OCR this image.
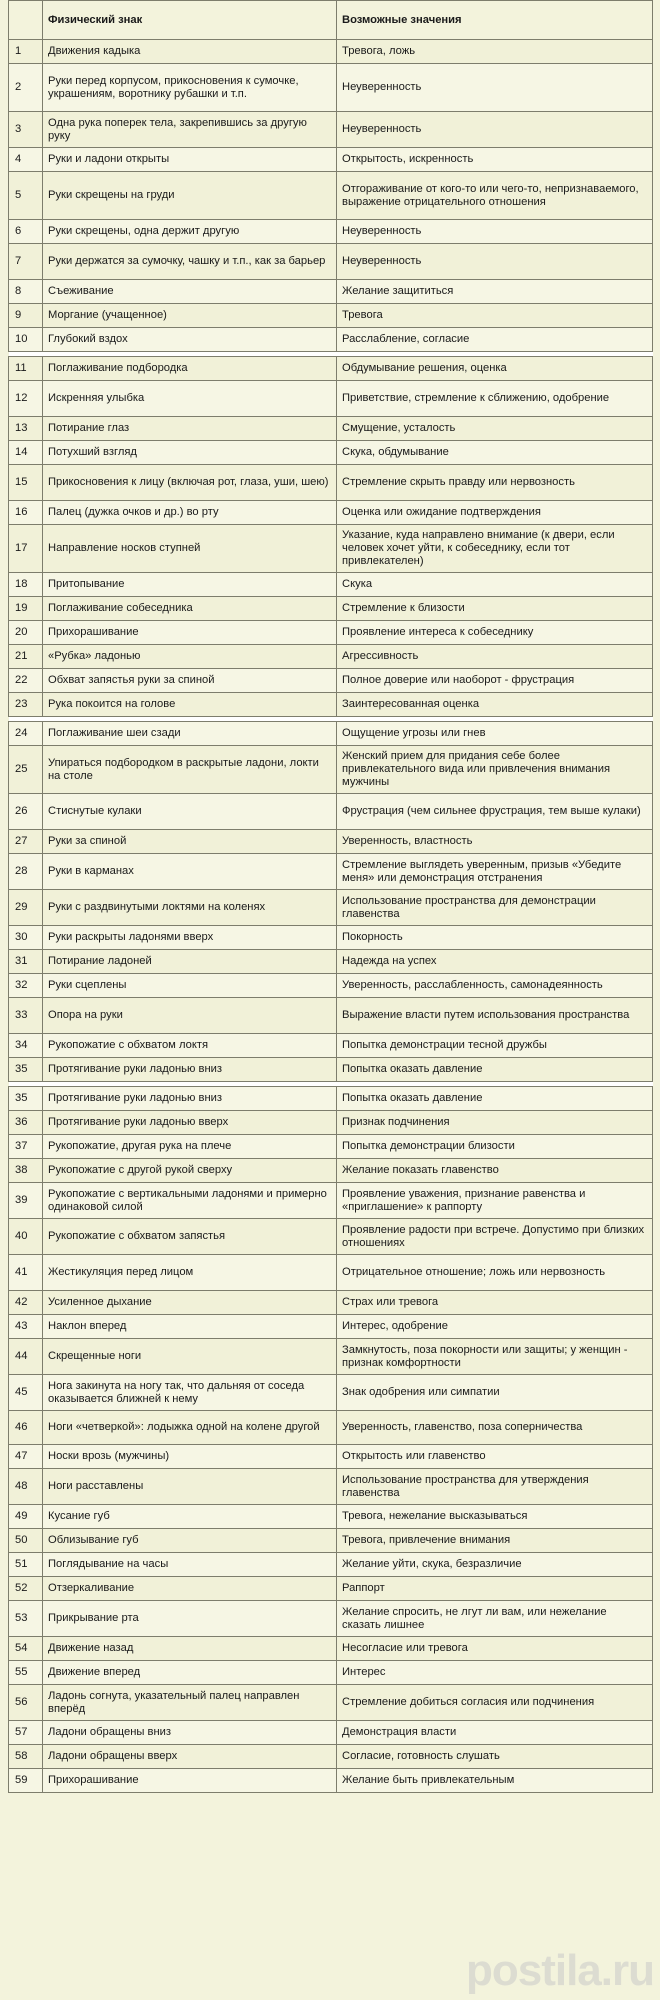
	Физический знак	Возможные значения
1	Движения кадыка	Тревога, ложь
2	Руки перед корпусом, прикосновения к сумочке, украшениям, воротнику рубашки и т.п.	Неуверенность
3	Одна рука поперек тела, закрепившись за другую руку	Неуверенность
4	Руки и ладони открыты	Открытость, искренность
5	Руки скрещены на груди	Отгораживание от кого-то или чего-то, непризнаваемого, выражение отрицательного отношения
6	Руки скрещены, одна держит другую	Неуверенность
7	Руки держатся за сумочку, чашку и т.п., как за барьер	Неуверенность
8	Съеживание	Желание защититься
9	Моргание (учащенное)	Тревога
10	Глубокий вздох	Расслабление, согласие

11	Поглаживание подбородка	Обдумывание решения, оценка
12	Искренняя улыбка	Приветствие, стремление к сближению, одобрение
13	Потирание глаз	Смущение, усталость
14	Потухший взгляд	Скука, обдумывание
15	Прикосновения к лицу (включая рот, глаза, уши, шею)	Стремление скрыть правду или нервозность
16	Палец (дужка очков и др.) во рту	Оценка или ожидание подтверждения
17	Направление носков ступней	Указание, куда направлено внимание (к двери, если человек хочет уйти, к собеседнику, если тот привлекателен)
18	Притопывание	Скука
19	Поглаживание собеседника	Стремление к близости
20	Прихорашивание	Проявление интереса к собеседнику
21	«Рубка» ладонью	Агрессивность
22	Обхват запястья руки за спиной	Полное доверие или наоборот - фрустрация
23	Рука покоится на голове	Заинтересованная оценка

24	Поглаживание шеи сзади	Ощущение угрозы или гнев
25	Упираться подбородком в раскрытые ладони, локти на столе	Женский прием для придания себе более привлекательного вида или привлечения внимания мужчины
26	Стиснутые кулаки	Фрустрация (чем сильнее фрустрация, тем выше кулаки)
27	Руки за спиной	Уверенность, властность
28	Руки в карманах	Стремление выглядеть уверенным, призыв «Убедите меня» или демонстрация отстранения
29	Руки с раздвинутыми локтями на коленях	Использование пространства для демонстрации главенства
30	Руки раскрыты ладонями вверх	Покорность
31	Потирание ладоней	Надежда на успех
32	Руки сцеплены	Уверенность, расслабленность, самонадеянность
33	Опора на руки	Выражение власти путем использования пространства
34	Рукопожатие с обхватом локтя	Попытка демонстрации тесной дружбы
35	Протягивание руки ладонью вниз	Попытка оказать давление

35	Протягивание руки ладонью вниз	Попытка оказать давление
36	Протягивание руки ладонью вверх	Признак подчинения
37	Рукопожатие, другая рука на плече	Попытка демонстрации близости
38	Рукопожатие с другой рукой сверху	Желание показать главенство
39	Рукопожатие с вертикальными ладонями и примерно одинаковой силой	Проявление уважения, признание равенства и «приглашение» к раппорту
40	Рукопожатие с обхватом запястья	Проявление радости при встрече. Допустимо при близких отношениях
41	Жестикуляция перед лицом	Отрицательное отношение; ложь или нервозность
42	Усиленное дыхание	Страх или тревога
43	Наклон вперед	Интерес, одобрение
44	Скрещенные ноги	Замкнутость, поза покорности или защиты; у женщин - признак комфортности
45	Нога закинута на ногу так, что дальняя от соседа оказывается ближней к нему	Знак одобрения или симпатии
46	Ноги «четверкой»: лодыжка одной на колене другой	Уверенность, главенство, поза соперничества
47	Носки врозь (мужчины)	Открытость или главенство
48	Ноги расставлены	Использование пространства для утверждения главенства
49	Кусание губ	Тревога, нежелание высказываться
50	Облизывание губ	Тревога, привлечение внимания
51	Поглядывание на часы	Желание уйти, скука, безразличие
52	Отзеркаливание	Раппорт
53	Прикрывание рта	Желание спросить, не лгут ли вам, или нежелание сказать лишнее
54	Движение назад	Несогласие или тревога
55	Движение вперед	Интерес
56	Ладонь согнута, указательный палец направлен вперёд	Стремление добиться согласия или подчинения
57	Ладони обращены вниз	Демонстрация власти
58	Ладони обращены вверх	Согласие, готовность слушать
59	Прихорашивание	Желание быть привлекательным
postila.ru
